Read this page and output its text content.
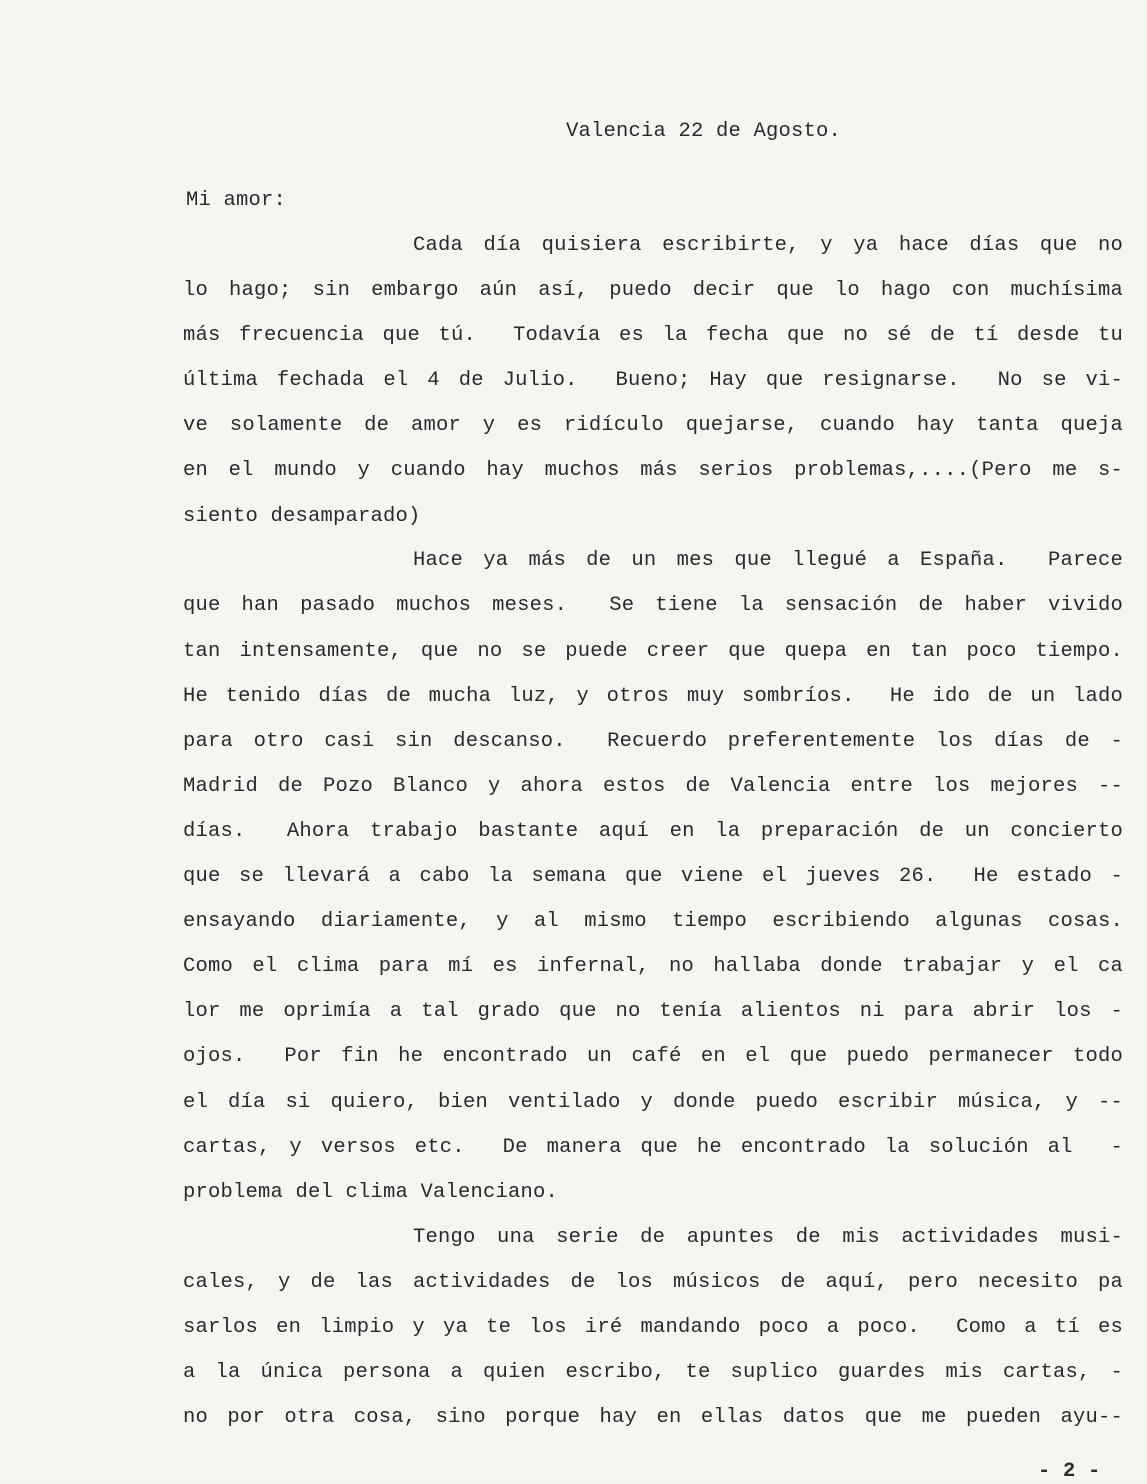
Valencia 22 de Agosto.
Mi amor:
Cada día quisiera escribirte, y ya hace días que no
lo hago; sin embargo aún así, puedo decir que lo hago con muchísima
más frecuencia que tú.  Todavía es la fecha que no sé de tí desde tu
última fechada el 4 de Julio.  Bueno; Hay que resignarse.  No se vi-
ve solamente de amor y es ridículo quejarse, cuando hay tanta queja
en el mundo y cuando hay muchos más serios problemas,....(Pero me s-
siento desamparado)
Hace ya más de un mes que llegué a España.  Parece
que han pasado muchos meses.  Se tiene la sensación de haber vivido
tan intensamente, que no se puede creer que quepa en tan poco tiempo.
He tenido días de mucha luz, y otros muy sombríos.  He ido de un lado
para otro casi sin descanso.  Recuerdo preferentemente los días de -
Madrid de Pozo Blanco y ahora estos de Valencia entre los mejores --
días.  Ahora trabajo bastante aquí en la preparación de un concierto
que se llevará a cabo la semana que viene el jueves 26.  He estado -
ensayando diariamente, y al mismo tiempo escribiendo algunas cosas.
Como el clima para mí es infernal, no hallaba donde trabajar y el ca
lor me oprimía a tal grado que no tenía alientos ni para abrir los -
ojos.  Por fin he encontrado un café en el que puedo permanecer todo
el día si quiero, bien ventilado y donde puedo escribir música, y --
cartas, y versos etc.  De manera que he encontrado la solución al  -
problema del clima Valenciano.
Tengo una serie de apuntes de mis actividades musi-
cales, y de las actividades de los músicos de aquí, pero necesito pa
sarlos en limpio y ya te los iré mandando poco a poco.  Como a tí es
a la única persona a quien escribo, te suplico guardes mis cartas, -
no por otra cosa, sino porque hay en ellas datos que me pueden ayu--
- 2 -
